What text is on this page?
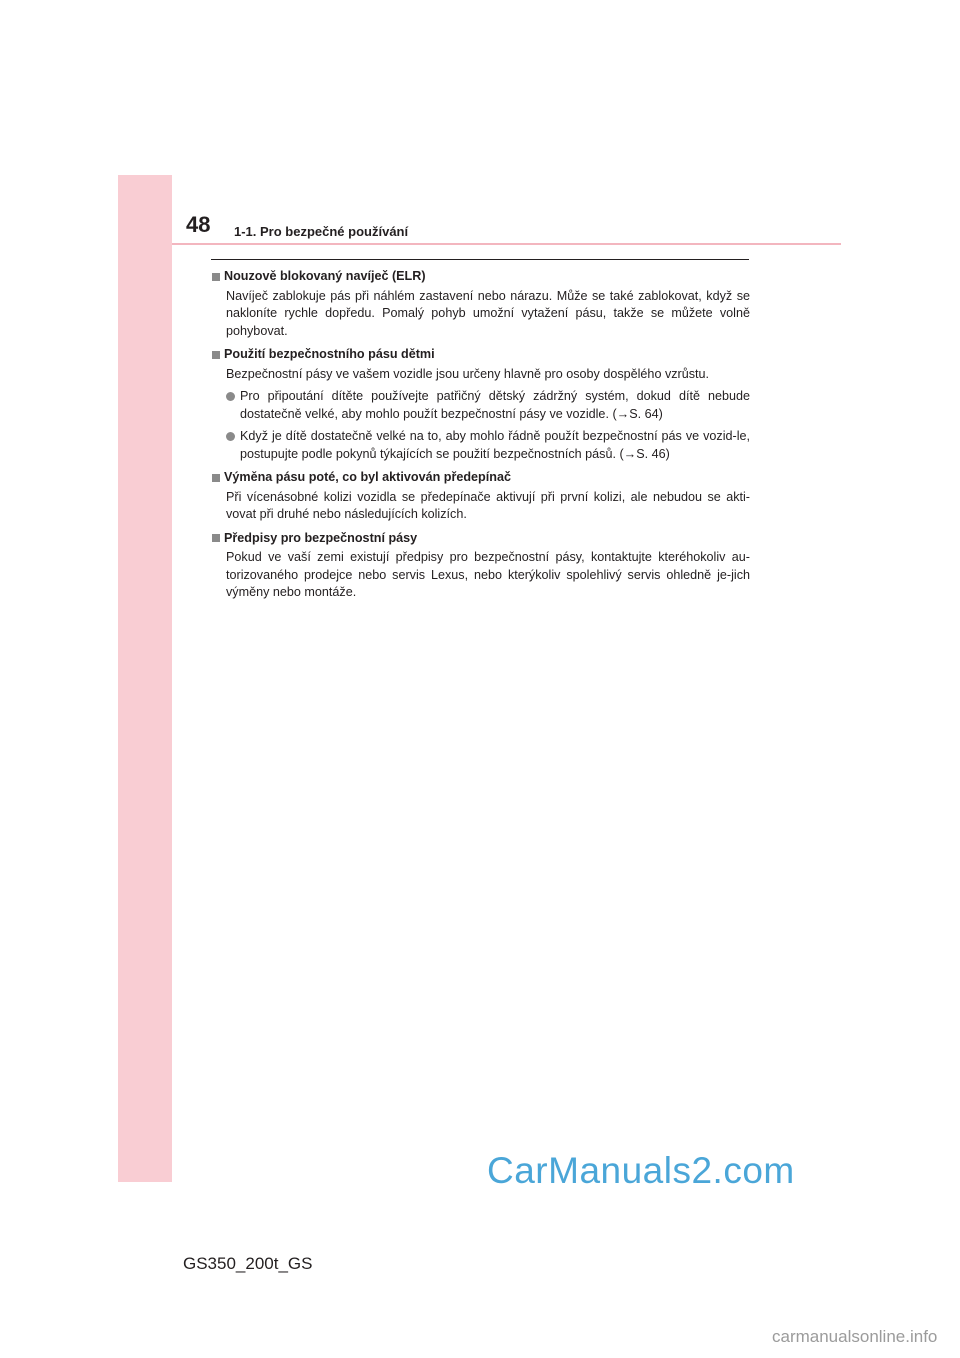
48 1-1. Pro bezpečné používání
Nouzově blokovaný navíječ (ELR)
Navíječ zablokuje pás při náhlém zastavení nebo nárazu. Může se také zablokovat, když se nakloníte rychle dopředu. Pomalý pohyb umožní vytažení pásu, takže se můžete volně pohybovat.
Použití bezpečnostního pásu dětmi
Bezpečnostní pásy ve vašem vozidle jsou určeny hlavně pro osoby dospělého vzrůstu.
Pro připoutání dítěte používejte patřičný dětský zádržný systém, dokud dítě nebude dostatečně velké, aby mohlo použít bezpečnostní pásy ve vozidle. (→S. 64)
Když je dítě dostatečně velké na to, aby mohlo řádně použít bezpečnostní pás ve vozid-le, postupujte podle pokynů týkajících se použití bezpečnostních pásů. (→S. 46)
Výměna pásu poté, co byl aktivován předepínač
Při vícenásobné kolizi vozidla se předepínače aktivují při první kolizi, ale nebudou se akti-vovat při druhé nebo následujících kolizích.
Předpisy pro bezpečnostní pásy
Pokud ve vaší zemi existují předpisy pro bezpečnostní pásy, kontaktujte kteréhokoliv au-torizovaného prodejce nebo servis Lexus, nebo kterýkoliv spolehlivý servis ohledně je-jich výměny nebo montáže.
CarManuals2.com
GS350_200t_GS
carmanualsonline.info
